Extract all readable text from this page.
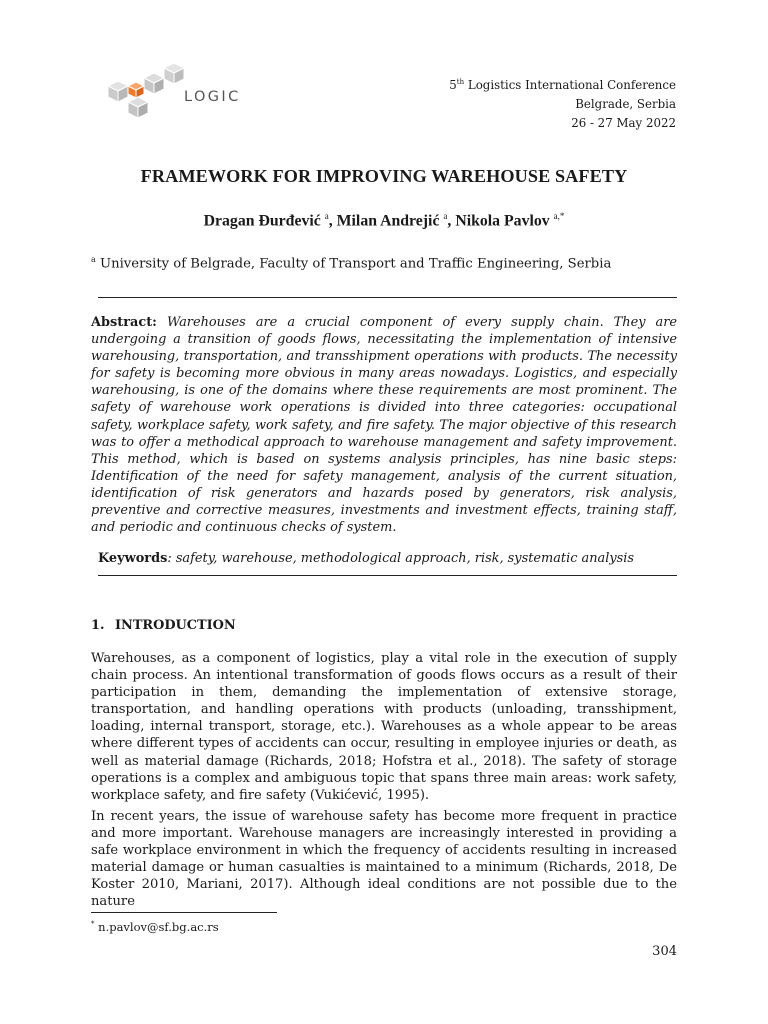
LOGIC
5th Logistics International Conference
Belgrade, Serbia
26 - 27 May 2022
FRAMEWORK FOR IMPROVING WAREHOUSE SAFETY
Dragan Đurđević $^a$, Milan Andrejić $^a$, Nikola Pavlov $^{a,*}$
$^a$ University of Belgrade, Faculty of Transport and Traffic Engineering, Serbia
Abstract: Warehouses are a crucial component of every supply chain. They are undergoing a transition of goods flows, necessitating the implementation of intensive warehousing, transportation, and transshipment operations with products. The necessity for safety is becoming more obvious in many areas nowadays. Logistics, and especially warehousing, is one of the domains where these requirements are most prominent. The safety of warehouse work operations is divided into three categories: occupational safety, workplace safety, work safety, and fire safety. The major objective of this research was to offer a methodical approach to warehouse management and safety improvement. This method, which is based on systems analysis principles, has nine basic steps: Identification of the need for safety management, analysis of the current situation, identification of risk generators and hazards posed by generators, risk analysis, preventive and corrective measures, investments and investment effects, training staff, and periodic and continuous checks of system.
Keywords: safety, warehouse, methodological approach, risk, systematic analysis
1. INTRODUCTION
Warehouses, as a component of logistics, play a vital role in the execution of supply chain process. An intentional transformation of goods flows occurs as a result of their participation in them, demanding the implementation of extensive storage, transportation, and handling operations with products (unloading, transshipment, loading, internal transport, storage, etc.). Warehouses as a whole appear to be areas where different types of accidents can occur, resulting in employee injuries or death, as well as material damage (Richards, 2018; Hofstra et al., 2018). The safety of storage operations is a complex and ambiguous topic that spans three main areas: work safety, workplace safety, and fire safety (Vukićević, 1995).
In recent years, the issue of warehouse safety has become more frequent in practice and more important. Warehouse managers are increasingly interested in providing a safe workplace environment in which the frequency of accidents resulting in increased material damage or human casualties is maintained to a minimum (Richards, 2018, De Koster 2010, Mariani, 2017). Although ideal conditions are not possible due to the nature
* n.pavlov@sf.bg.ac.rs
304
